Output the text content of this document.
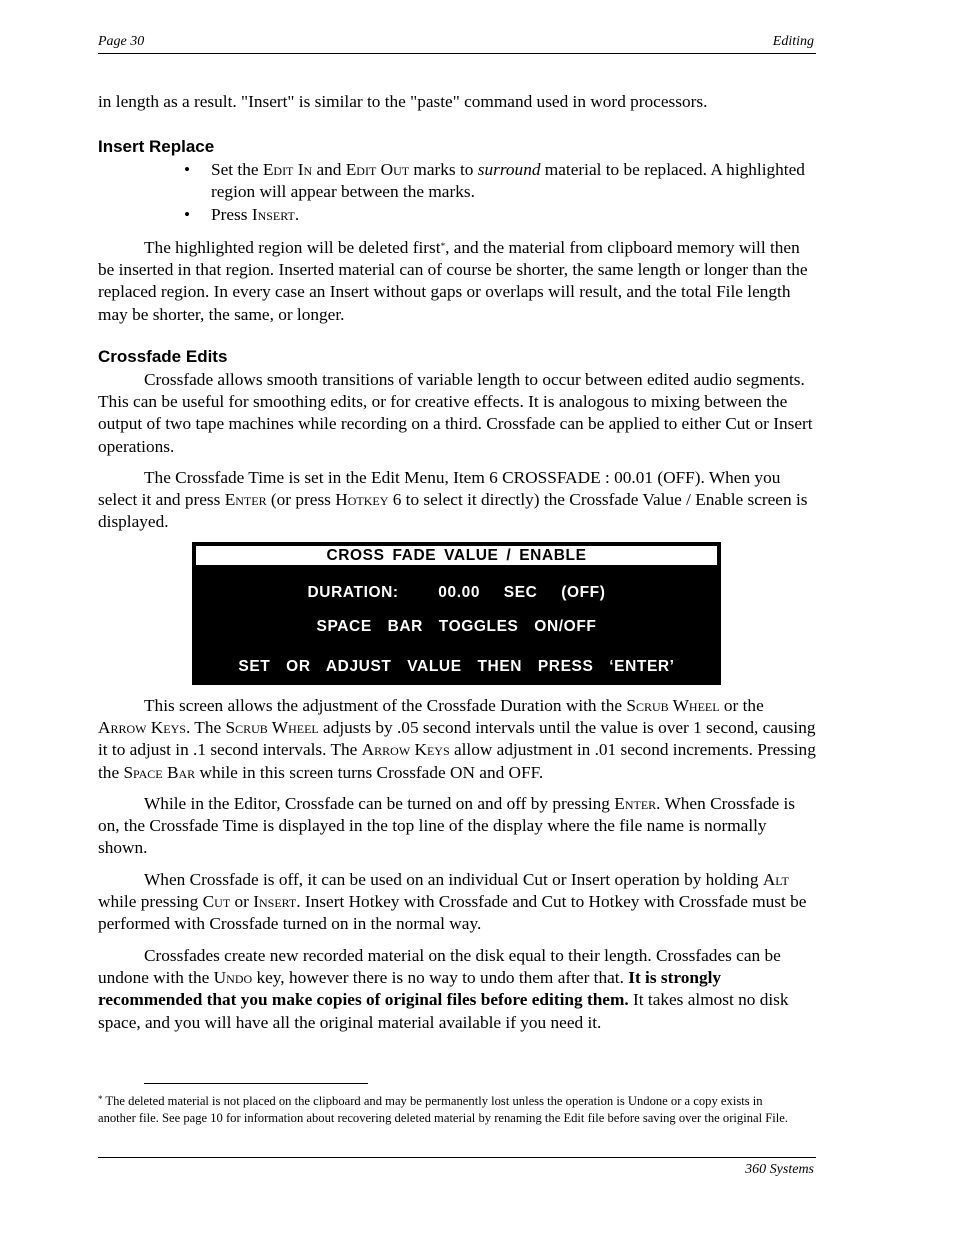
Page 30	Editing
in length as a result. "Insert" is similar to the "paste" command used in word processors.
Insert Replace
• Set the Edit In and Edit Out marks to surround material to be replaced. A highlighted region will appear between the marks.
• Press Insert.
The highlighted region will be deleted first*, and the material from clipboard memory will then be inserted in that region. Inserted material can of course be shorter, the same length or longer than the replaced region. In every case an Insert without gaps or overlaps will result, and the total File length may be shorter, the same, or longer.
Crossfade Edits
Crossfade allows smooth transitions of variable length to occur between edited audio segments. This can be useful for smoothing edits, or for creative effects. It is analogous to mixing between the output of two tape machines while recording on a third. Crossfade can be applied to either Cut or Insert operations.
The Crossfade Time is set in the Edit Menu, Item 6 CROSSFADE : 00.01 (OFF). When you select it and press Enter (or press Hotkey 6 to select it directly) the Crossfade Value / Enable screen is displayed.
CROSS FADE VALUE / ENABLE
DURATION:	00.00 SEC (OFF)
SPACE  BAR  TOGGLES  ON/OFF
SET  OR  ADJUST  VALUE  THEN  PRESS  ‘ENTER’
This screen allows the adjustment of the Crossfade Duration with the Scrub Wheel or the Arrow Keys. The Scrub Wheel adjusts by .05 second intervals until the value is over 1 second, causing it to adjust in .1 second intervals. The Arrow Keys allow adjustment in .01 second increments. Pressing the Space Bar while in this screen turns Crossfade ON and OFF.
While in the Editor, Crossfade can be turned on and off by pressing Enter. When Crossfade is on, the Crossfade Time is displayed in the top line of the display where the file name is normally shown.
When Crossfade is off, it can be used on an individual Cut or Insert operation by holding Alt while pressing Cut or Insert. Insert Hotkey with Crossfade and Cut to Hotkey with Crossfade must be performed with Crossfade turned on in the normal way.
Crossfades create new recorded material on the disk equal to their length. Crossfades can be undone with the Undo key, however there is no way to undo them after that. It is strongly recommended that you make copies of original files before editing them. It takes almost no disk space, and you will have all the original material available if you need it.
* The deleted material is not placed on the clipboard and may be permanently lost unless the operation is Undone or a copy exists in another file. See page 10 for information about recovering deleted material by renaming the Edit file before saving over the original File.
360 Systems
